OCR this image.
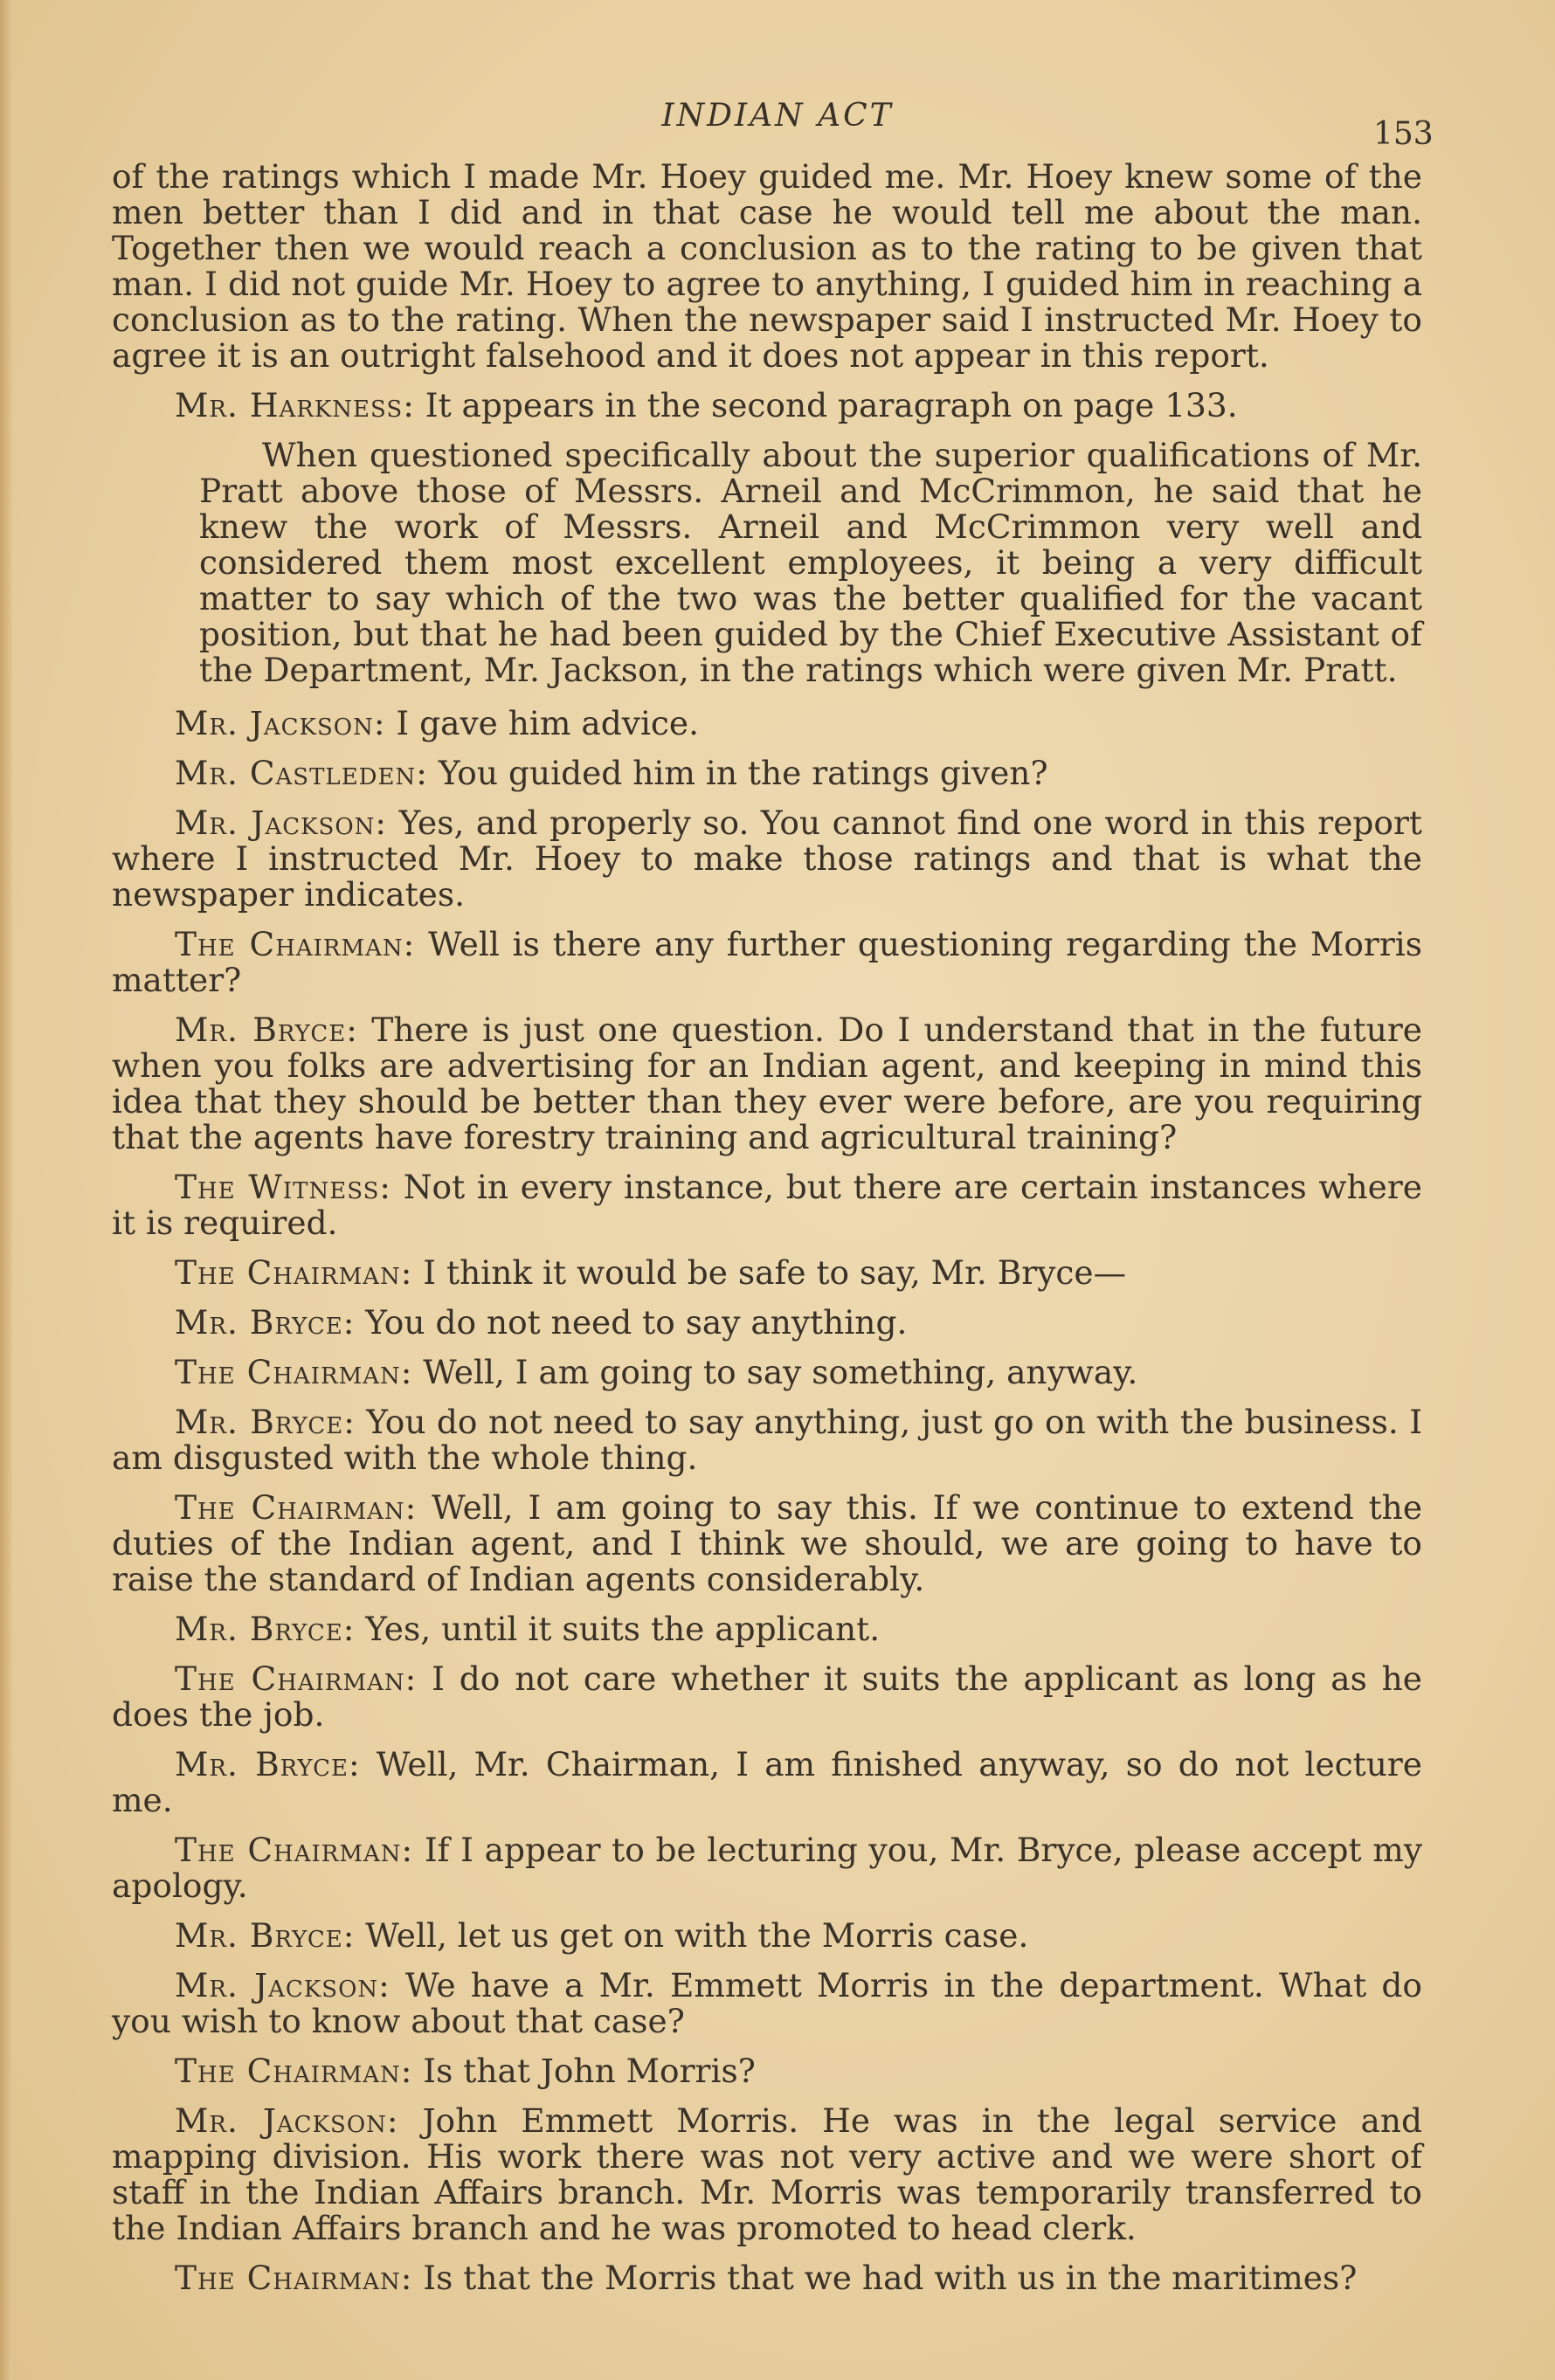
INDIAN ACT
153

of the ratings which I made Mr. Hoey guided me. Mr. Hoey knew some of the men better than I did and in that case he would tell me about the man. Together then we would reach a conclusion as to the rating to be given that man. I did not guide Mr. Hoey to agree to anything, I guided him in reaching a conclusion as to the rating. When the newspaper said I instructed Mr. Hoey to agree it is an outright falsehood and it does not appear in this report.

Mr. Harkness: It appears in the second paragraph on page 133.

When questioned specifically about the superior qualifications of Mr. Pratt above those of Messrs. Arneil and McCrimmon, he said that he knew the work of Messrs. Arneil and McCrimmon very well and considered them most excellent employees, it being a very difficult matter to say which of the two was the better qualified for the vacant position, but that he had been guided by the Chief Executive Assistant of the Department, Mr. Jackson, in the ratings which were given Mr. Pratt.

Mr. Jackson: I gave him advice.

Mr. Castleden: You guided him in the ratings given?

Mr. Jackson: Yes, and properly so. You cannot find one word in this report where I instructed Mr. Hoey to make those ratings and that is what the newspaper indicates.

The Chairman: Well is there any further questioning regarding the Morris matter?

Mr. Bryce: There is just one question. Do I understand that in the future when you folks are advertising for an Indian agent, and keeping in mind this idea that they should be better than they ever were before, are you requiring that the agents have forestry training and agricultural training?

The Witness: Not in every instance, but there are certain instances where it is required.

The Chairman: I think it would be safe to say, Mr. Bryce—

Mr. Bryce: You do not need to say anything.

The Chairman: Well, I am going to say something, anyway.

Mr. Bryce: You do not need to say anything, just go on with the business. I am disgusted with the whole thing.

The Chairman: Well, I am going to say this. If we continue to extend the duties of the Indian agent, and I think we should, we are going to have to raise the standard of Indian agents considerably.

Mr. Bryce: Yes, until it suits the applicant.

The Chairman: I do not care whether it suits the applicant as long as he does the job.

Mr. Bryce: Well, Mr. Chairman, I am finished anyway, so do not lecture me.

The Chairman: If I appear to be lecturing you, Mr. Bryce, please accept my apology.

Mr. Bryce: Well, let us get on with the Morris case.

Mr. Jackson: We have a Mr. Emmett Morris in the department. What do you wish to know about that case?

The Chairman: Is that John Morris?

Mr. Jackson: John Emmett Morris. He was in the legal service and mapping division. His work there was not very active and we were short of staff in the Indian Affairs branch. Mr. Morris was temporarily transferred to the Indian Affairs branch and he was promoted to head clerk.

The Chairman: Is that the Morris that we had with us in the maritimes?
